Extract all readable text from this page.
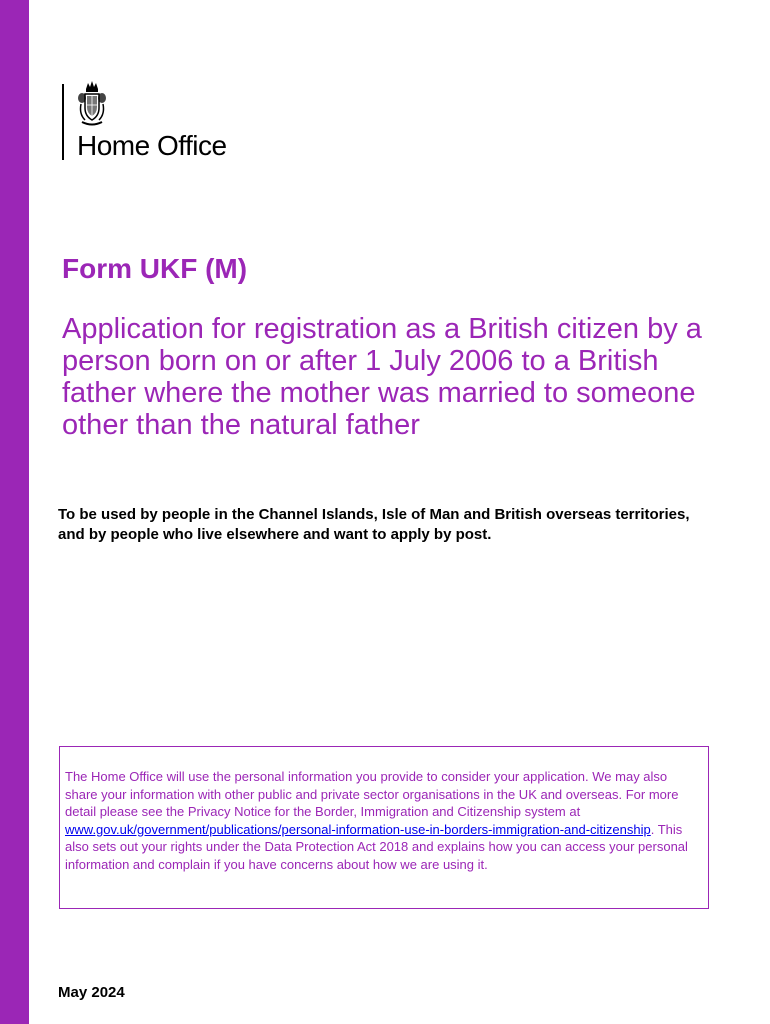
Home Office
Form UKF (M)
Application for registration as a British citizen by a person born on or after 1 July 2006 to a British father where the mother was married to someone other than the natural father

To be used by people in the Channel Islands, Isle of Man and British overseas territories, and by people who live elsewhere and want to apply by post.

The Home Office will use the personal information you provide to consider your application. We may also share your information with other public and private sector organisations in the UK and overseas. For more detail please see the Privacy Notice for the Border, Immigration and Citizenship system at www.gov.uk/government/publications/personal-information-use-in-borders-immigration-and-citizenship. This also sets out your rights under the Data Protection Act 2018 and explains how you can access your personal information and complain if you have concerns about how we are using it.

May 2024
